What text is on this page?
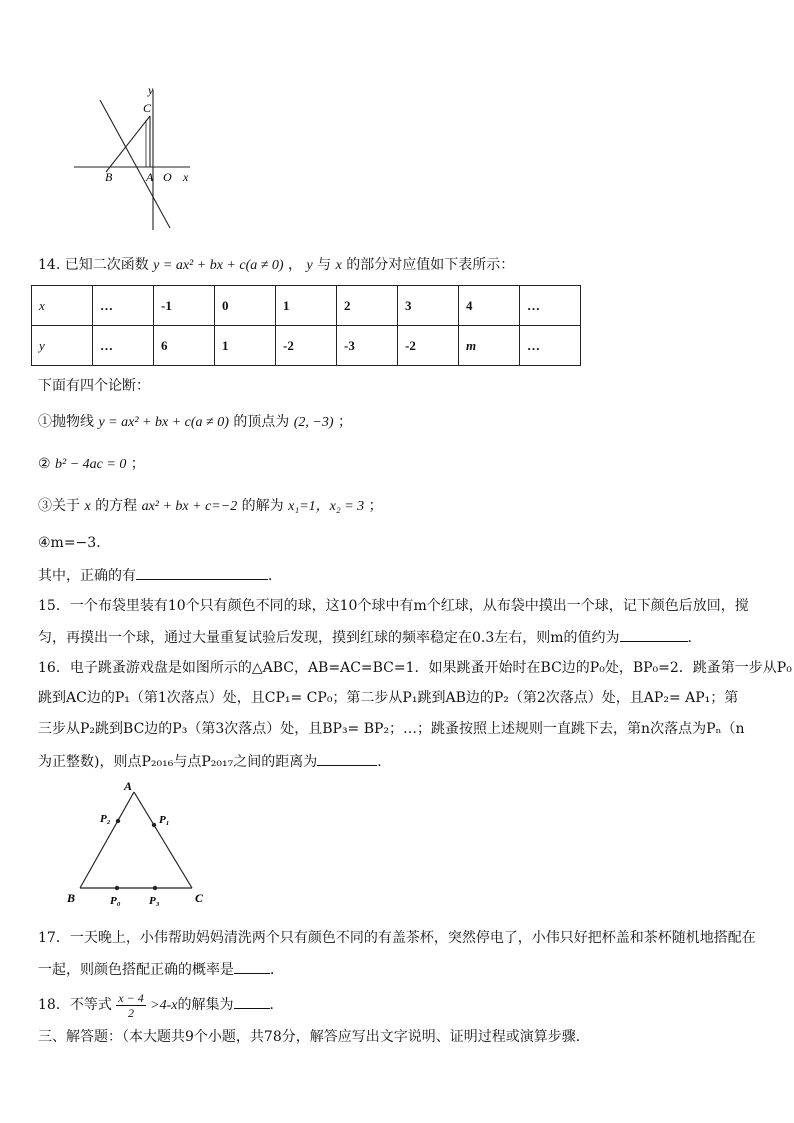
y
C
B	A O x
14. 已知二次函数 y = ax² + bx + c(a ≠ 0) ， y 与 x 的部分对应值如下表所示：
x	…	-1	0	1	2	3	4	…
y	…	6	1	-2	-3	-2	m	…
下面有四个论断：
①抛物线 y = ax² + bx + c(a ≠ 0) 的顶点为 (2, −3) ；
② b² − 4ac = 0 ；
③关于 x 的方程 ax² + bx + c=−2 的解为 x₁=1，x₂ = 3 ；
④m=−3．
其中，正确的有	．
15．一个布袋里装有10个只有颜色不同的球，这10个球中有m个红球，从布袋中摸出一个球，记下颜色后放回，搅
匀，再摸出一个球，通过大量重复试验后发现，摸到红球的频率稳定在0.3左右，则m的值约为	．
16．电子跳蚤游戏盘是如图所示的△ABC，AB=AC=BC=1．如果跳蚤开始时在BC边的P₀处，BP₀=2．跳蚤第一步从P₀
跳到AC边的P₁（第1次落点）处，且CP₁= CP₀；第二步从P₁跳到AB边的P₂（第2次落点）处，且AP₂= AP₁；第
三步从P₂跳到BC边的P₃（第3次落点）处，且BP₃= BP₂；…；跳蚤按照上述规则一直跳下去，第n次落点为Pₙ（n
为正整数)，则点P₂₀₁₆与点P₂₀₁₇之间的距离为	．
A
B	C
P₀	P₃
P₁
P₂
17．一天晚上，小伟帮助妈妈清洗两个只有颜色不同的有盖茶杯，突然停电了，小伟只好把杯盖和茶杯随机地搭配在
一起，则颜色搭配正确的概率是	．
18．不等式 $\frac{x - 4}{2} >4-x$的解集为	．
三、解答题：（本大题共9个小题，共78分，解答应写出文字说明、证明过程或演算步骤．
